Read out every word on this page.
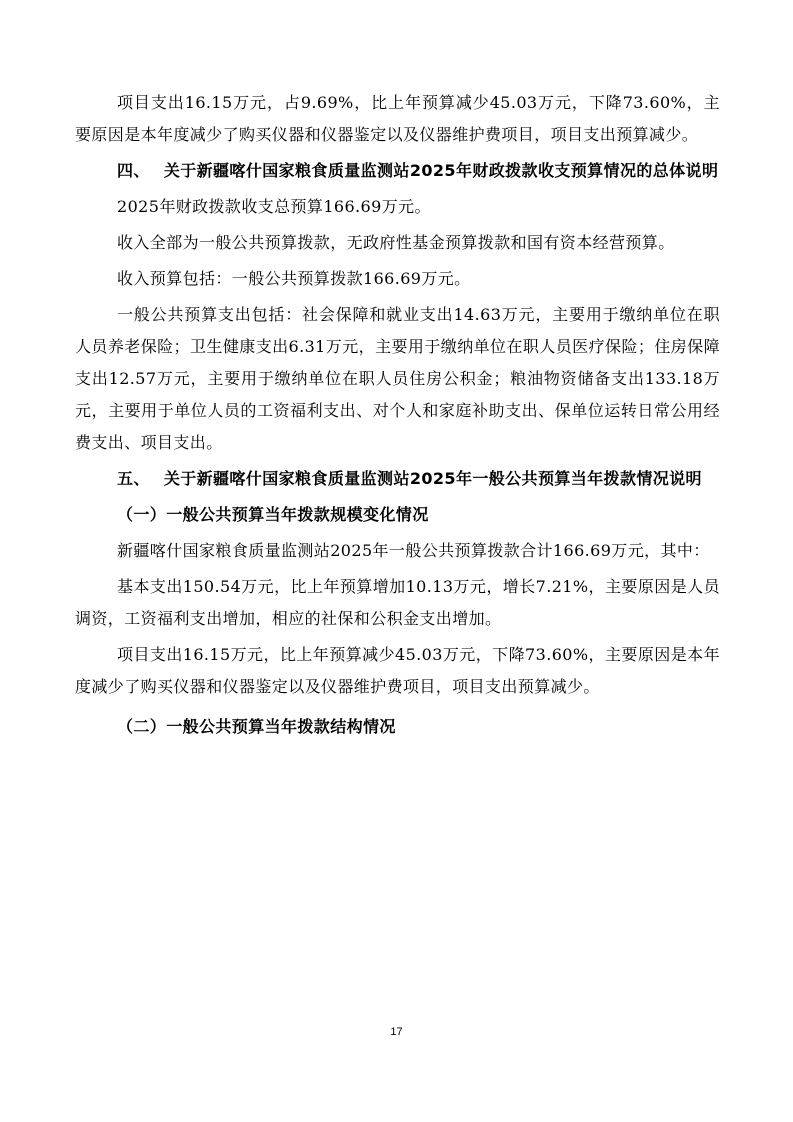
项目支出16.15万元，占9.69%，比上年预算减少45.03万元，下降73.60%，主要原因是本年度减少了购买仪器和仪器鉴定以及仪器维护费项目，项目支出预算减少。

四、 关于新疆喀什国家粮食质量监测站2025年财政拨款收支预算情况的总体说明

2025年财政拨款收支总预算166.69万元。

收入全部为一般公共预算拨款，无政府性基金预算拨款和国有资本经营预算。

收入预算包括：一般公共预算拨款166.69万元。

一般公共预算支出包括：社会保障和就业支出14.63万元，主要用于缴纳单位在职人员养老保险；卫生健康支出6.31万元，主要用于缴纳单位在职人员医疗保险；住房保障支出12.57万元，主要用于缴纳单位在职人员住房公积金；粮油物资储备支出133.18万元，主要用于单位人员的工资福利支出、对个人和家庭补助支出、保单位运转日常公用经费支出、项目支出。

五、 关于新疆喀什国家粮食质量监测站2025年一般公共预算当年拨款情况说明

（一）一般公共预算当年拨款规模变化情况

新疆喀什国家粮食质量监测站2025年一般公共预算拨款合计166.69万元，其中：

基本支出150.54万元，比上年预算增加10.13万元，增长7.21%，主要原因是人员调资，工资福利支出增加，相应的社保和公积金支出增加。

项目支出16.15万元，比上年预算减少45.03万元，下降73.60%，主要原因是本年度减少了购买仪器和仪器鉴定以及仪器维护费项目，项目支出预算减少。

（二）一般公共预算当年拨款结构情况

17
